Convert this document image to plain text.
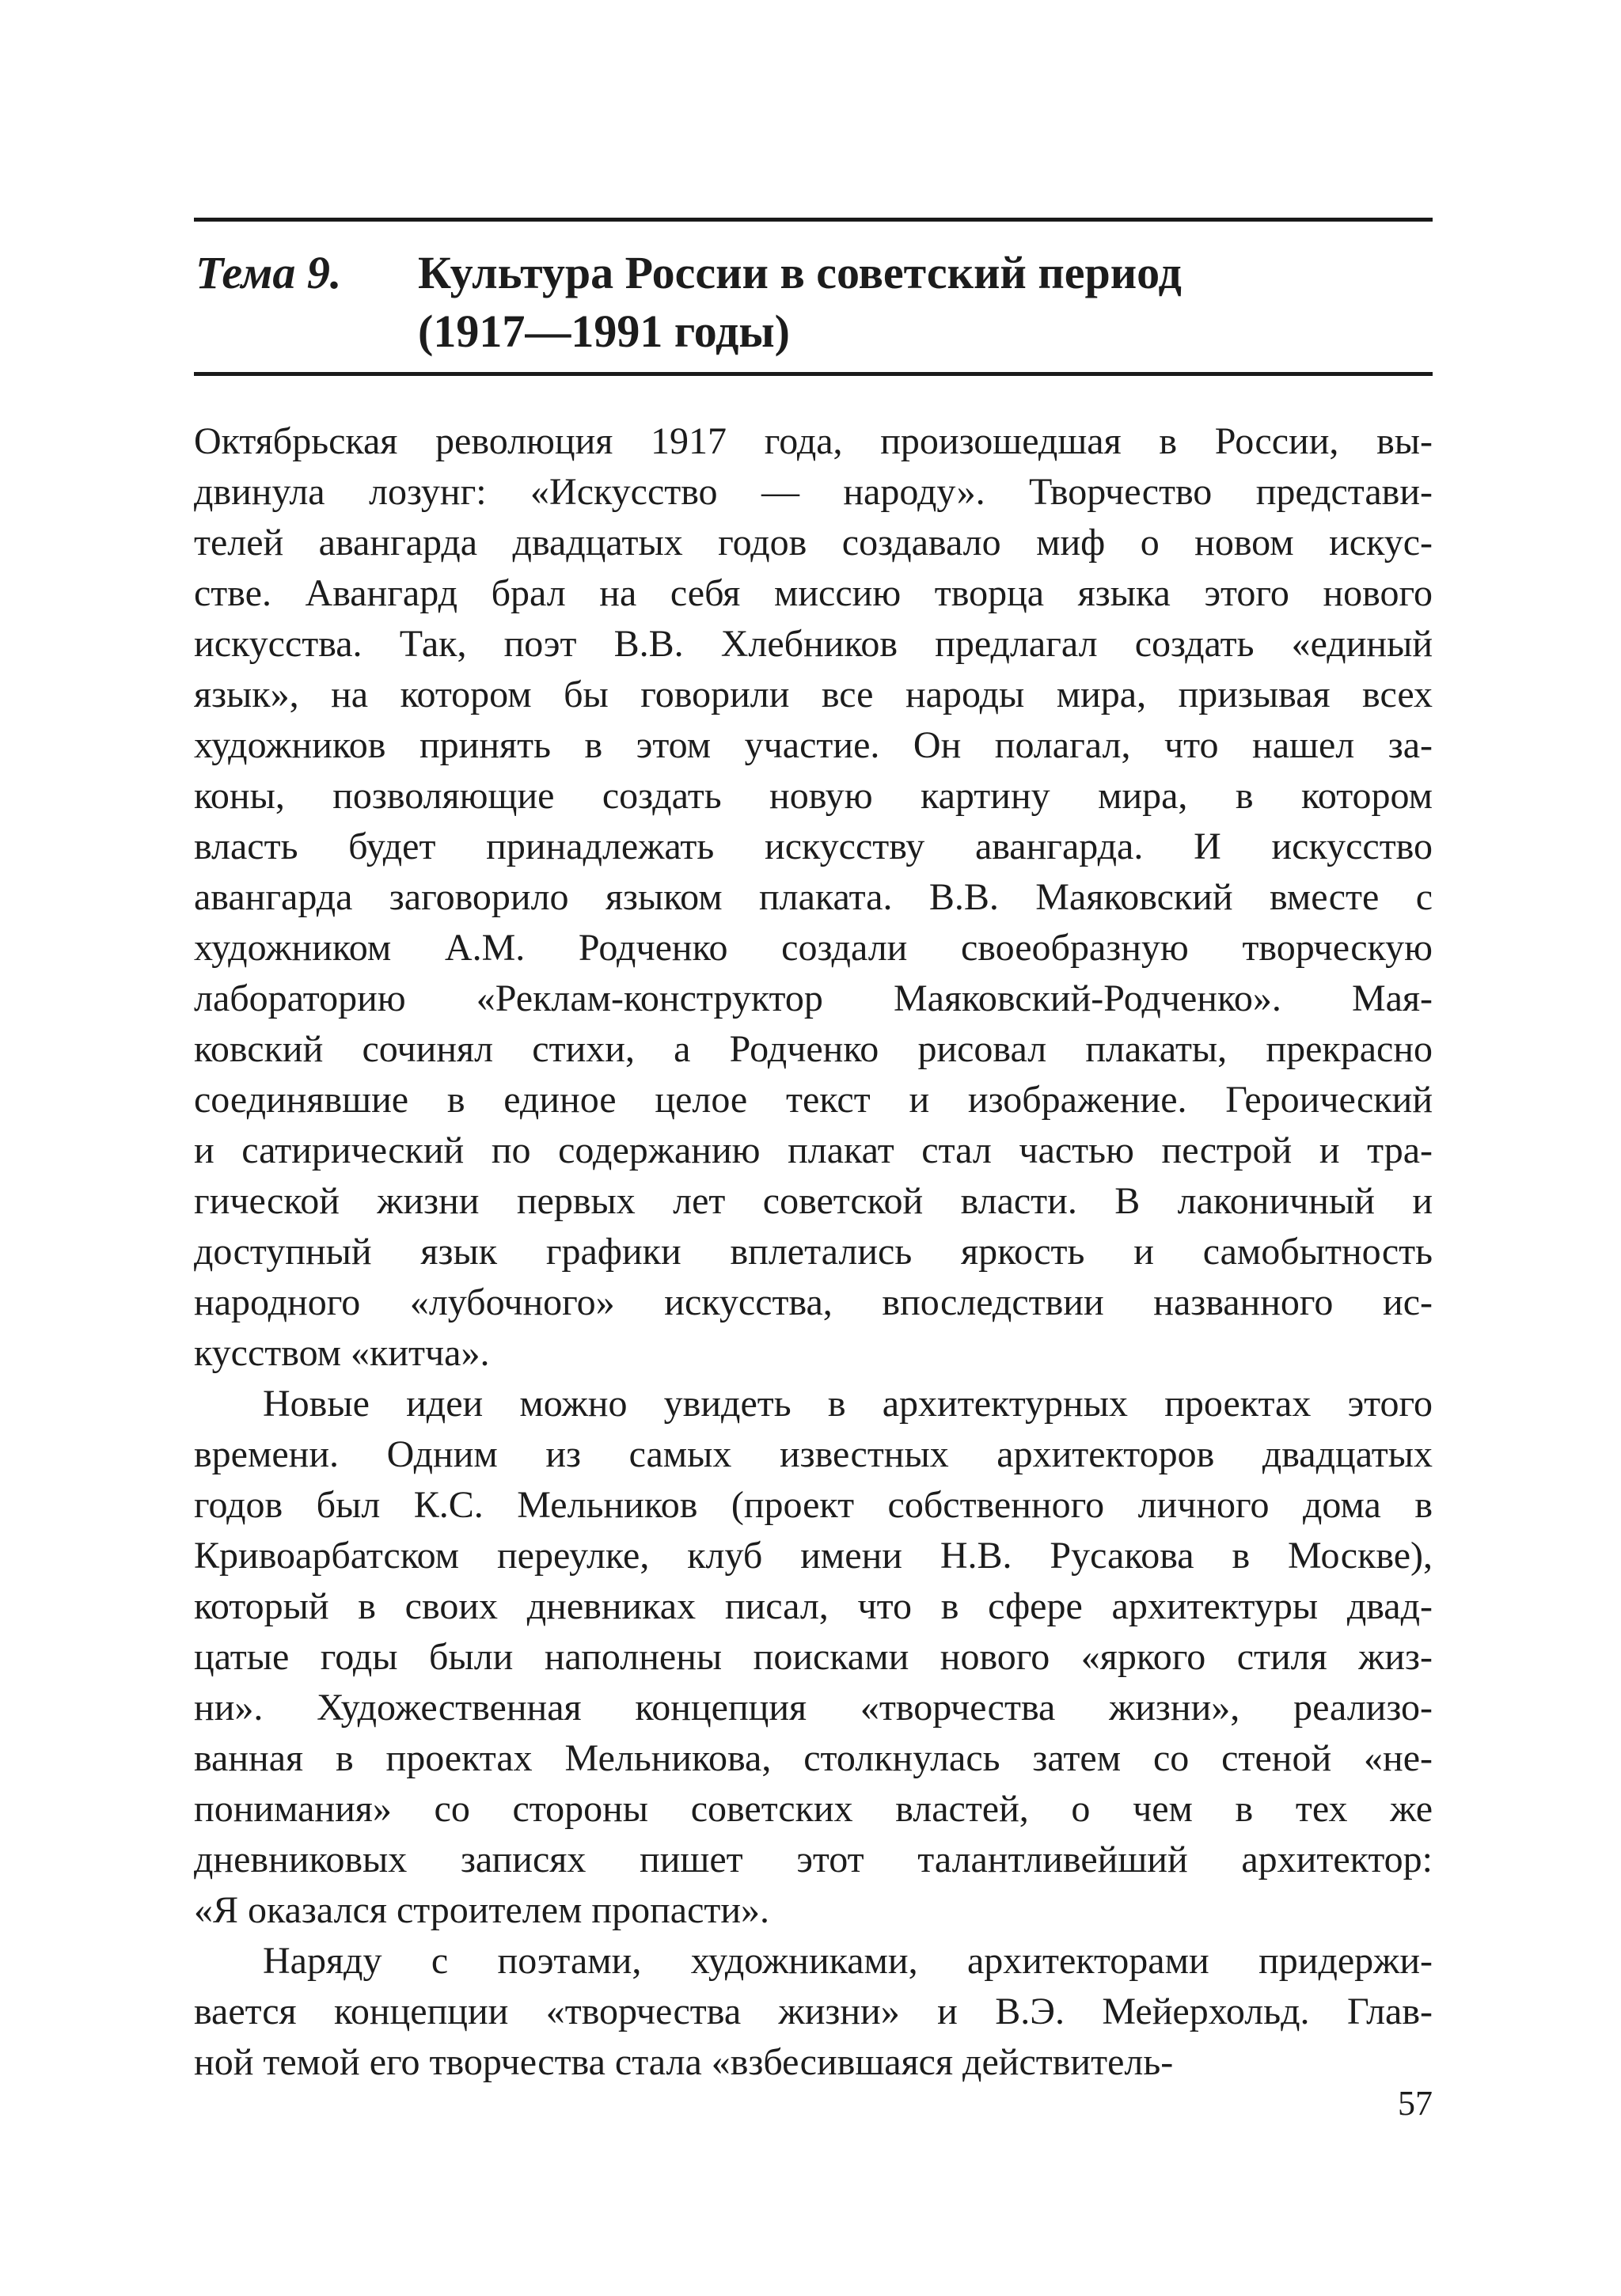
Тема 9. Культура России в советский период
(1917—1991 годы)
Октябрьская революция 1917 года, произошедшая в России, вы-
двинула лозунг: «Искусство — народу». Творчество представи-
телей авангарда двадцатых годов создавало миф о новом искус-
стве. Авангард брал на себя миссию творца языка этого нового
искусства. Так, поэт В.В. Хлебников предлагал создать «единый
язык», на котором бы говорили все народы мира, призывая всех
художников принять в этом участие. Он полагал, что нашел за-
коны, позволяющие создать новую картину мира, в котором
власть будет принадлежать искусству авангарда. И искусство
авангарда заговорило языком плаката. В.В. Маяковский вместе с
художником А.М. Родченко создали своеобразную творческую
лабораторию «Реклам-конструктор Маяковский-Родченко». Мая-
ковский сочинял стихи, а Родченко рисовал плакаты, прекрасно
соединявшие в единое целое текст и изображение. Героический
и сатирический по содержанию плакат стал частью пестрой и тра-
гической жизни первых лет советской власти. В лаконичный и
доступный язык графики вплетались яркость и самобытность
народного «лубочного» искусства, впоследствии названного ис-
кусством «китча».
Новые идеи можно увидеть в архитектурных проектах этого
времени. Одним из самых известных архитекторов двадцатых
годов был К.С. Мельников (проект собственного личного дома в
Кривоарбатском переулке, клуб имени Н.В. Русакова в Москве),
который в своих дневниках писал, что в сфере архитектуры двад-
цатые годы были наполнены поисками нового «яркого стиля жиз-
ни». Художественная концепция «творчества жизни», реализо-
ванная в проектах Мельникова, столкнулась затем со стеной «не-
понимания» со стороны советских властей, о чем в тех же
дневниковых записях пишет этот талантливейший архитектор:
«Я оказался строителем пропасти».
Наряду с поэтами, художниками, архитекторами придержи-
вается концепции «творчества жизни» и В.Э. Мейерхольд. Глав-
ной темой его творчества стала «взбесившаяся действитель-
57
